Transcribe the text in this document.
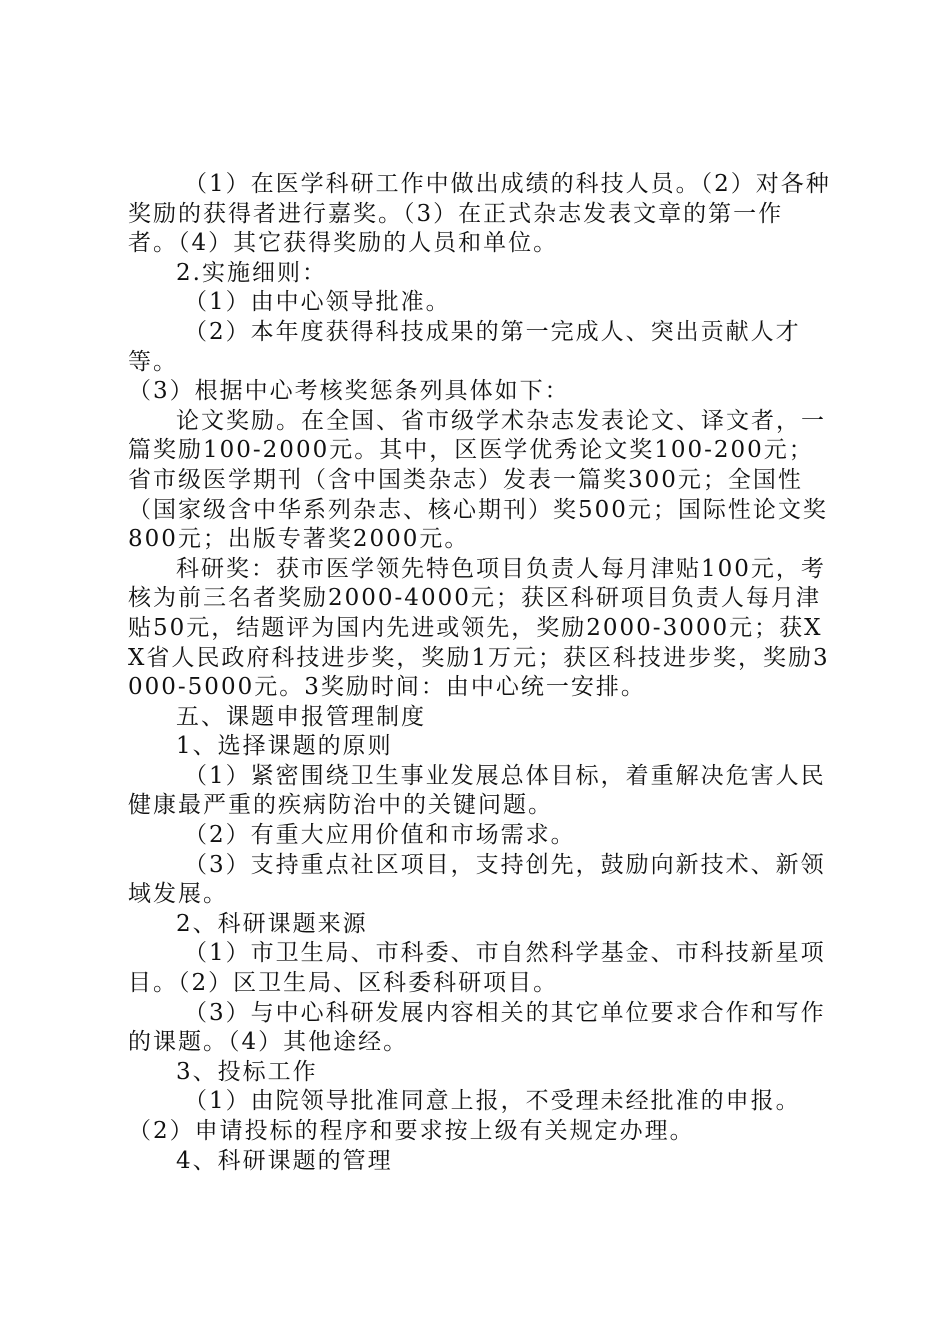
（1）在医学科研工作中做出成绩的科技人员。（2）对各种奖励的获得者进行嘉奖。（3）在正式杂志发表文章的第一作者。（4）其它获得奖励的人员和单位。

2.实施细则：

（1）由中心领导批准。

（2）本年度获得科技成果的第一完成人、突出贡献人才等。

（3）根据中心考核奖惩条列具体如下：

论文奖励。在全国、省市级学术杂志发表论文、译文者，一篇奖励100-2000元。其中，区医学优秀论文奖100-200元；省市级医学期刊（含中国类杂志）发表一篇奖300元；全国性（国家级含中华系列杂志、核心期刊）奖500元；国际性论文奖800元；出版专著奖2000元。

科研奖：获市医学领先特色项目负责人每月津贴100元，考核为前三名者奖励2000-4000元；获区科研项目负责人每月津贴50元，结题评为国内先进或领先，奖励2000-3000元；获XX省人民政府科技进步奖，奖励1万元；获区科技进步奖，奖励3000-5000元。3奖励时间：由中心统一安排。

五、课题申报管理制度

1、选择课题的原则

（1）紧密围绕卫生事业发展总体目标，着重解决危害人民健康最严重的疾病防治中的关键问题。

（2）有重大应用价值和市场需求。

（3）支持重点社区项目，支持创先，鼓励向新技术、新领域发展。

2、科研课题来源

（1）市卫生局、市科委、市自然科学基金、市科技新星项目。（2）区卫生局、区科委科研项目。

（3）与中心科研发展内容相关的其它单位要求合作和写作的课题。（4）其他途经。

3、投标工作

（1）由院领导批准同意上报，不受理未经批准的申报。

（2）申请投标的程序和要求按上级有关规定办理。

4、科研课题的管理
